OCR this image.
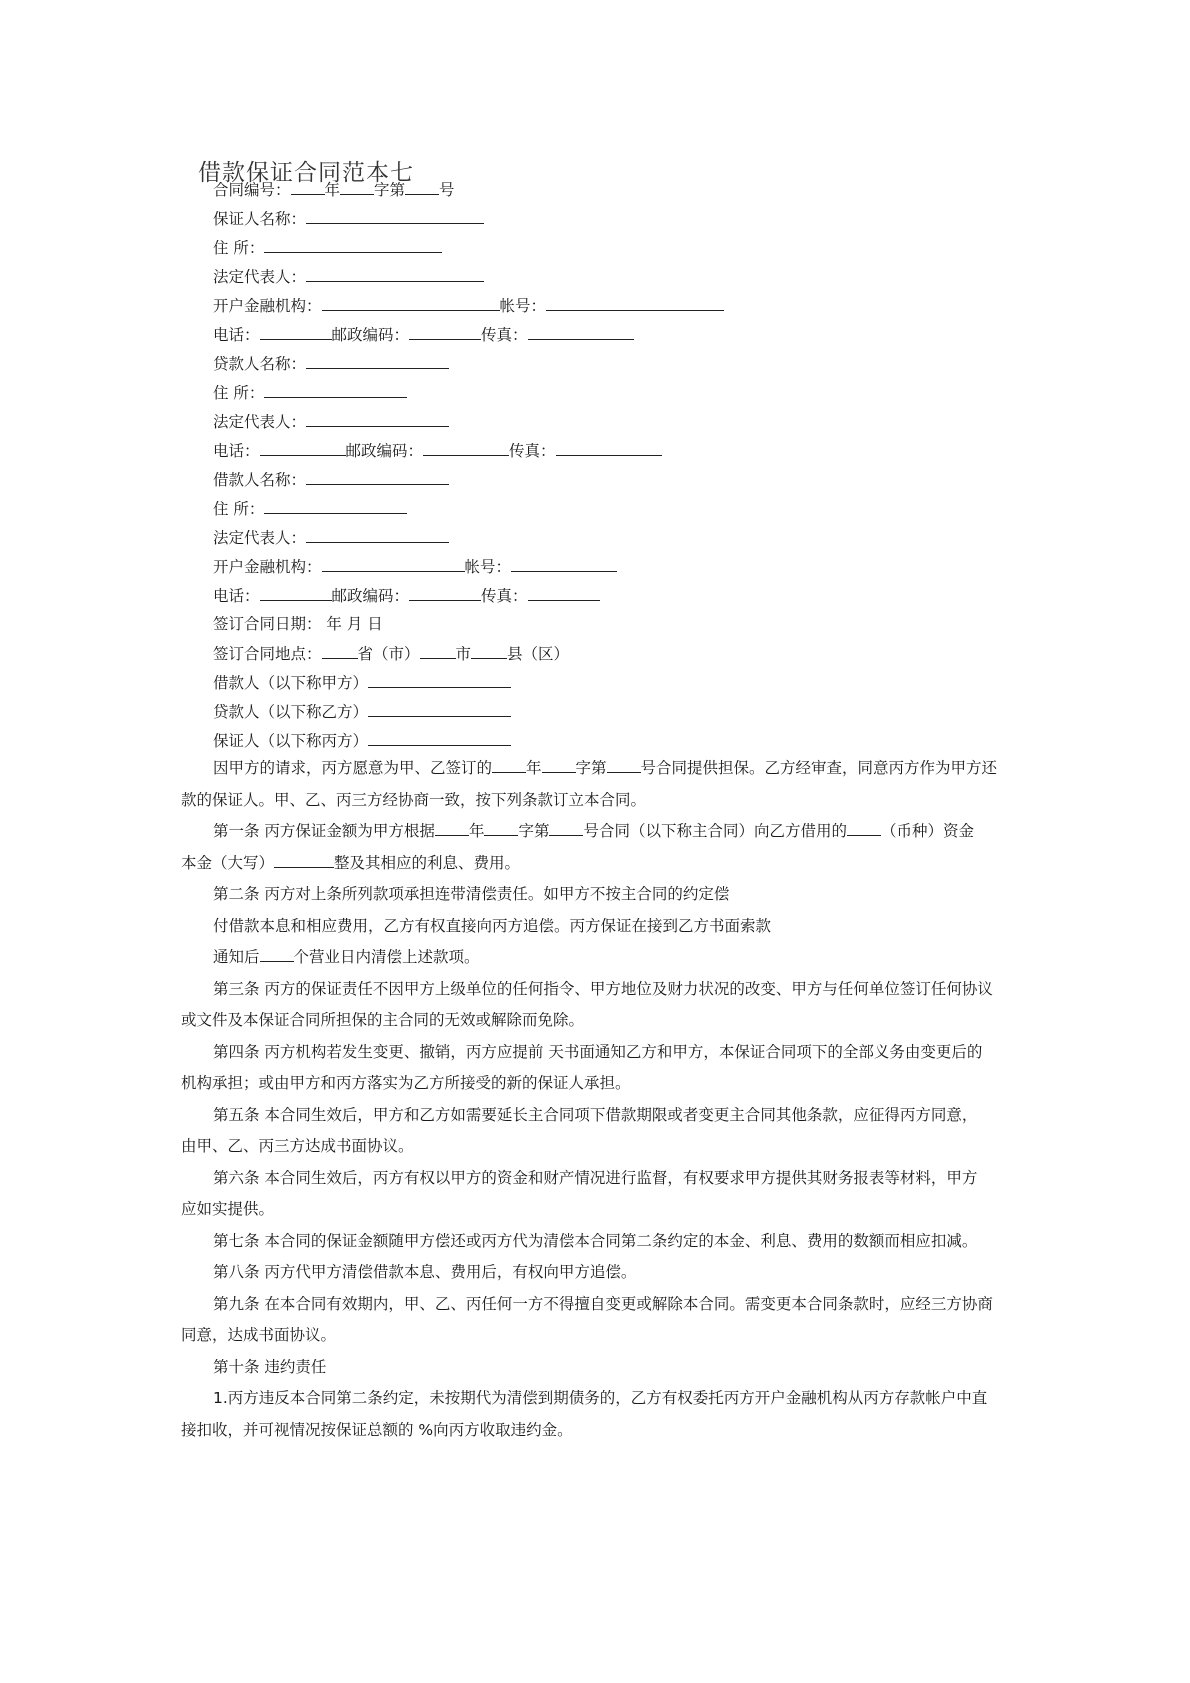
借款保证合同范本七
合同编号： 年 字第 号
保证人名称：
住 所：
法定代表人：
开户金融机构：	帐号：
电话：	邮政编码：	传真：
贷款人名称：
住 所：
法定代表人：
电话：	邮政编码：	传真：
借款人名称：
住 所：
法定代表人：
开户金融机构：	帐号：
电话：	邮政编码：	传真：
签订合同日期： 年 月 日
签订合同地点： 省（市） 市 县（区）
借款人（以下称甲方）
贷款人（以下称乙方）
保证人（以下称丙方）
因甲方的请求，丙方愿意为甲、乙签订的 年 字第 号合同提供担保。乙方经审查，同意丙方作为甲方还
款的保证人。甲、乙、丙三方经协商一致，按下列条款订立本合同。
第一条 丙方保证金额为甲方根据 年 字第 号合同（以下称主合同）向乙方借用的 （币种）资金
本金（大写）	整及其相应的利息、费用。
第二条 丙方对上条所列款项承担连带清偿责任。如甲方不按主合同的约定偿
付借款本息和相应费用，乙方有权直接向丙方追偿。丙方保证在接到乙方书面索款
通知后 个营业日内清偿上述款项。
第三条 丙方的保证责任不因甲方上级单位的任何指令、甲方地位及财力状况的改变、甲方与任何单位签订任何协议
或文件及本保证合同所担保的主合同的无效或解除而免除。
第四条 丙方机构若发生变更、撤销，丙方应提前 天书面通知乙方和甲方，本保证合同项下的全部义务由变更后的
机构承担；或由甲方和丙方落实为乙方所接受的新的保证人承担。
第五条 本合同生效后，甲方和乙方如需要延长主合同项下借款期限或者变更主合同其他条款，应征得丙方同意，
由甲、乙、丙三方达成书面协议。
第六条 本合同生效后，丙方有权以甲方的资金和财产情况进行监督，有权要求甲方提供其财务报表等材料，甲方
应如实提供。
第七条 本合同的保证金额随甲方偿还或丙方代为清偿本合同第二条约定的本金、利息、费用的数额而相应扣减。
第八条 丙方代甲方清偿借款本息、费用后，有权向甲方追偿。
第九条 在本合同有效期内，甲、乙、丙任何一方不得擅自变更或解除本合同。需变更本合同条款时，应经三方协商
同意，达成书面协议。
第十条 违约责任
1.丙方违反本合同第二条约定，未按期代为清偿到期债务的，乙方有权委托丙方开户金融机构从丙方存款帐户中直
接扣收，并可视情况按保证总额的 %向丙方收取违约金。
